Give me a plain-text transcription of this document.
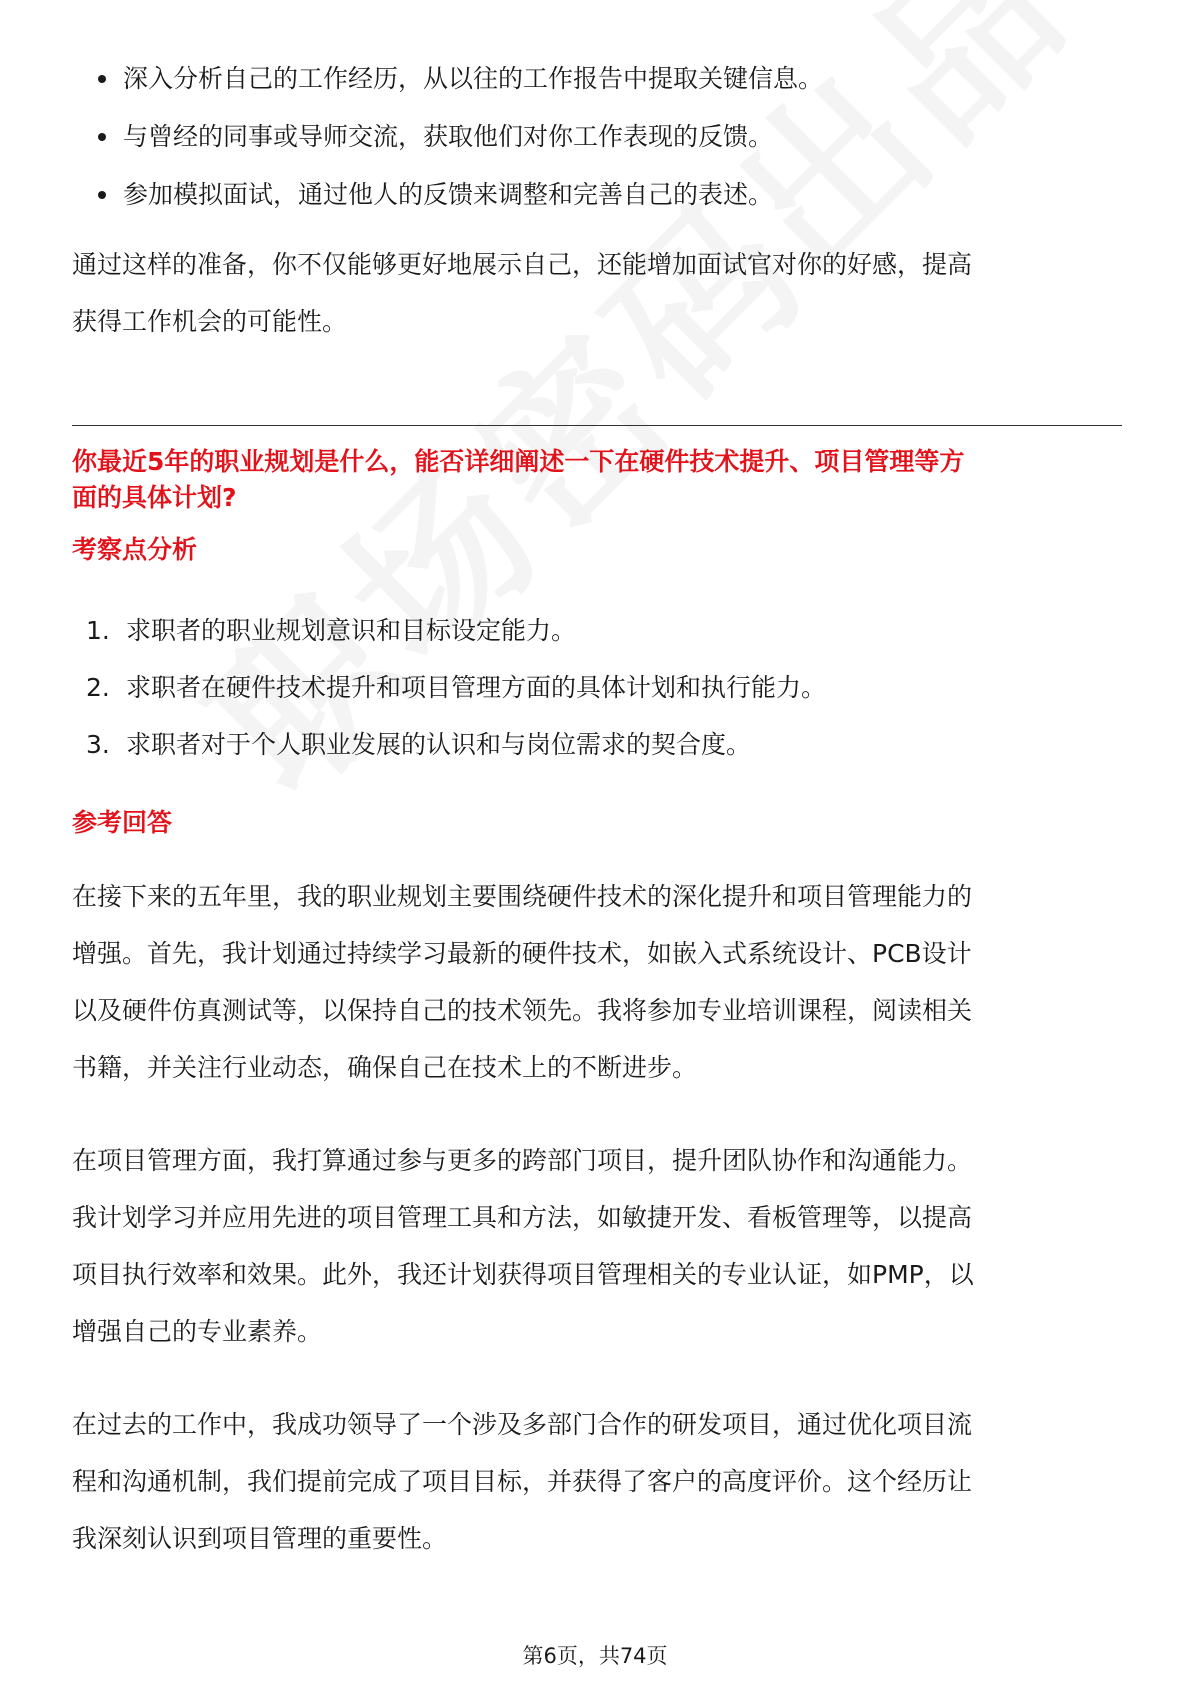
深入分析自己的工作经历，从以往的工作报告中提取关键信息。
与曾经的同事或导师交流，获取他们对你工作表现的反馈。
参加模拟面试，通过他人的反馈来调整和完善自己的表述。

通过这样的准备，你不仅能够更好地展示自己，还能增加面试官对你的好感，提高
获得工作机会的可能性。

你最近5年的职业规划是什么，能否详细阐述一下在硬件技术提升、项目管理等方
面的具体计划?
考察点分析
1. 求职者的职业规划意识和目标设定能力。
2. 求职者在硬件技术提升和项目管理方面的具体计划和执行能力。
3. 求职者对于个人职业发展的认识和与岗位需求的契合度。
参考回答

在接下来的五年里，我的职业规划主要围绕硬件技术的深化提升和项目管理能力的
增强。首先，我计划通过持续学习最新的硬件技术，如嵌入式系统设计、PCB设计
以及硬件仿真测试等，以保持自己的技术领先。我将参加专业培训课程，阅读相关
书籍，并关注行业动态，确保自己在技术上的不断进步。

在项目管理方面，我打算通过参与更多的跨部门项目，提升团队协作和沟通能力。
我计划学习并应用先进的项目管理工具和方法，如敏捷开发、看板管理等，以提高
项目执行效率和效果。此外，我还计划获得项目管理相关的专业认证，如PMP，以
增强自己的专业素养。

在过去的工作中，我成功领导了一个涉及多部门合作的研发项目，通过优化项目流
程和沟通机制，我们提前完成了项目目标，并获得了客户的高度评价。这个经历让
我深刻认识到项目管理的重要性。

第6页，共74页
